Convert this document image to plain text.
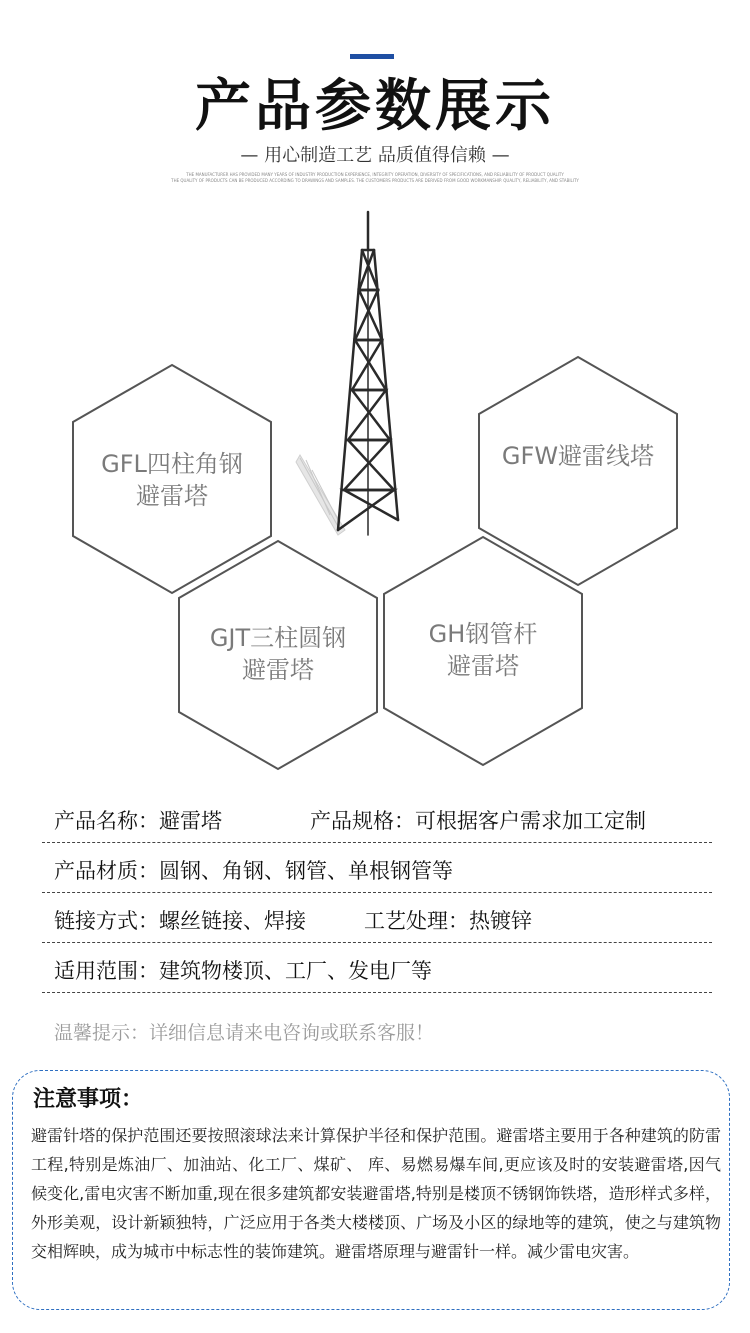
产品参数展示
— 用心制造工艺 品质值得信赖 —
THE MANUFACTURER HAS PROVIDED MANY YEARS OF INDUSTRY PRODUCTION EXPERIENCE, INTEGRITY OPERATION, DIVERSITY OF SPECIFICATIONS, AND RELIABILITY OF PRODUCT QUALITY
THE QUALITY OF PRODUCTS CAN BE PRODUCED ACCORDING TO DRAWINGS AND SAMPLES. THE CUSTOMERS PRODUCTS ARE DERIVED FROM GOOD WORKMANSHIP. QUALITY, RELIABILITY, AND STABILITY
GFL四柱角钢
避雷塔
GFW避雷线塔
GJT三柱圆钢
避雷塔
GH钢管杆
避雷塔
产品名称：避雷塔	产品规格：可根据客户需求加工定制
产品材质：圆钢、角钢、钢管、单根钢管等
链接方式：螺丝链接、焊接	工艺处理：热镀锌
适用范围：建筑物楼顶、工厂、发电厂等
温馨提示：详细信息请来电咨询或联系客服！
注意事项：
避雷针塔的保护范围还要按照滚球法来计算保护半径和保护范围。避雷塔主要用于各种建筑的防雷工程,特别是炼油厂、加油站、化工厂、煤矿、 库、易燃易爆车间,更应该及时的安装避雷塔,因气候变化,雷电灾害不断加重,现在很多建筑都安装避雷塔,特别是楼顶不锈钢饰铁塔，造形样式多样，外形美观，设计新颖独特，广泛应用于各类大楼楼顶、广场及小区的绿地等的建筑，使之与建筑物交相辉映，成为城市中标志性的装饰建筑。避雷塔原理与避雷针一样。减少雷电灾害。
